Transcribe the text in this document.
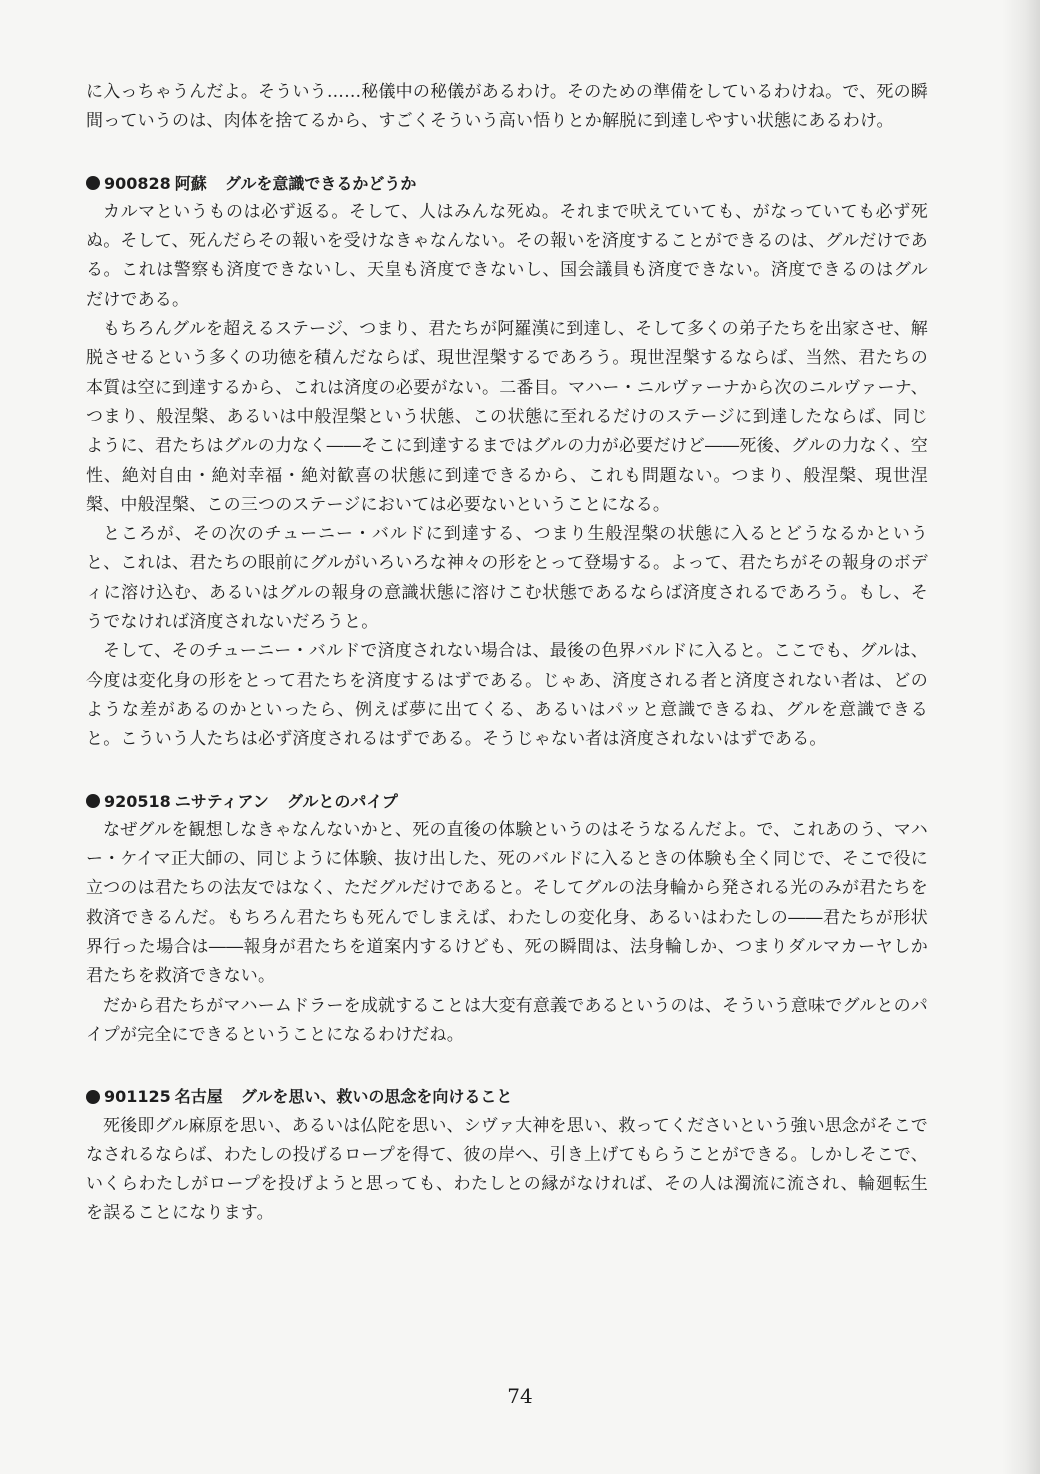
に入っちゃうんだよ。そういう……秘儀中の秘儀があるわけ。そのための準備をしているわけね。で、死の瞬間っていうのは、肉体を捨てるから、すごくそういう高い悟りとか解脱に到達しやすい状態にあるわけ。

900828 阿蘇 グルを意識できるかどうか

カルマというものは必ず返る。そして、人はみんな死ぬ。それまで吠えていても、がなっていても必ず死ぬ。そして、死んだらその報いを受けなきゃなんない。その報いを済度することができるのは、グルだけである。これは警察も済度できないし、天皇も済度できないし、国会議員も済度できない。済度できるのはグルだけである。

もちろんグルを超えるステージ、つまり、君たちが阿羅漢に到達し、そして多くの弟子たちを出家させ、解脱させるという多くの功徳を積んだならば、現世涅槃するであろう。現世涅槃するならば、当然、君たちの本質は空に到達するから、これは済度の必要がない。二番目。マハー・ニルヴァーナから次のニルヴァーナ、つまり、般涅槃、あるいは中般涅槃という状態、この状態に至れるだけのステージに到達したならば、同じように、君たちはグルの力なく――そこに到達するまではグルの力が必要だけど――死後、グルの力なく、空性、絶対自由・絶対幸福・絶対歓喜の状態に到達できるから、これも問題ない。つまり、般涅槃、現世涅槃、中般涅槃、この三つのステージにおいては必要ないということになる。

ところが、その次のチューニー・バルドに到達する、つまり生般涅槃の状態に入るとどうなるかというと、これは、君たちの眼前にグルがいろいろな神々の形をとって登場する。よって、君たちがその報身のボディに溶け込む、あるいはグルの報身の意識状態に溶けこむ状態であるならば済度されるであろう。もし、そうでなければ済度されないだろうと。

そして、そのチューニー・バルドで済度されない場合は、最後の色界バルドに入ると。ここでも、グルは、今度は変化身の形をとって君たちを済度するはずである。じゃあ、済度される者と済度されない者は、どのような差があるのかといったら、例えば夢に出てくる、あるいはパッと意識できるね、グルを意識できると。こういう人たちは必ず済度されるはずである。そうじゃない者は済度されないはずである。

920518 ニサティアン グルとのパイプ

なぜグルを観想しなきゃなんないかと、死の直後の体験というのはそうなるんだよ。で、これあのう、マハー・ケイマ正大師の、同じように体験、抜け出した、死のバルドに入るときの体験も全く同じで、そこで役に立つのは君たちの法友ではなく、ただグルだけであると。そしてグルの法身輪から発される光のみが君たちを救済できるんだ。もちろん君たちも死んでしまえば、わたしの変化身、あるいはわたしの――君たちが形状界行った場合は――報身が君たちを道案内するけども、死の瞬間は、法身輪しか、つまりダルマカーヤしか君たちを救済できない。

だから君たちがマハームドラーを成就することは大変有意義であるというのは、そういう意味でグルとのパイプが完全にできるということになるわけだね。

901125 名古屋 グルを思い、救いの思念を向けること

死後即グル麻原を思い、あるいは仏陀を思い、シヴァ大神を思い、救ってくださいという強い思念がそこでなされるならば、わたしの投げるロープを得て、彼の岸へ、引き上げてもらうことができる。しかしそこで、いくらわたしがロープを投げようと思っても、わたしとの縁がなければ、その人は濁流に流され、輪廻転生を誤ることになります。

74
